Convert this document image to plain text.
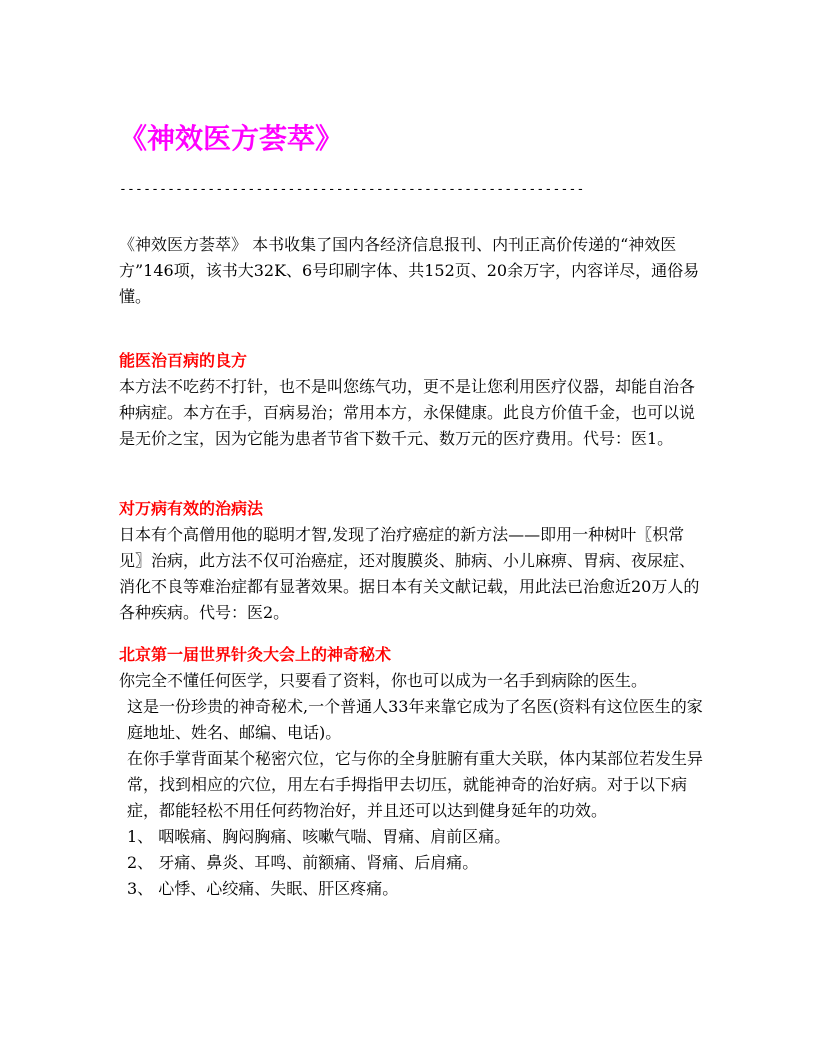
《神效医方荟萃》
----------------------------------------------------------

《神效医方荟萃》 本书收集了国内各经济信息报刊、内刊正高价传递的“神效医方”146项，该书大32K、6号印刷字体、共152页、20余万字，内容详尽，通俗易懂。

能医治百病的良方

本方法不吃药不打针，也不是叫您练气功，更不是让您利用医疗仪器，却能自治各种病症。本方在手，百病易治；常用本方，永保健康。此良方价值千金，也可以说是无价之宝，因为它能为患者节省下数千元、数万元的医疗费用。代号：医1。

对万病有效的治病法

日本有个高僧用他的聪明才智,发现了治疗癌症的新方法——即用一种树叶〖枳常见〗治病，此方法不仅可治癌症，还对腹膜炎、肺病、小儿麻痹、胃病、夜尿症、消化不良等难治症都有显著效果。据日本有关文献记载，用此法已治愈近20万人的各种疾病。代号：医2。

北京第一届世界针灸大会上的神奇秘术

你完全不懂任何医学，只要看了资料，你也可以成为一名手到病除的医生。

这是一份珍贵的神奇秘术,一个普通人33年来靠它成为了名医(资料有这位医生的家庭地址、姓名、邮编、电话)。

在你手掌背面某个秘密穴位，它与你的全身脏腑有重大关联，体内某部位若发生异常，找到相应的穴位，用左右手拇指甲去切压，就能神奇的治好病。对于以下病症，都能轻松不用任何药物治好，并且还可以达到健身延年的功效。

1、 咽喉痛、胸闷胸痛、咳嗽气喘、胃痛、肩前区痛。
2、 牙痛、鼻炎、耳鸣、前额痛、肾痛、后肩痛。
3、 心悸、心绞痛、失眠、肝区疼痛。
